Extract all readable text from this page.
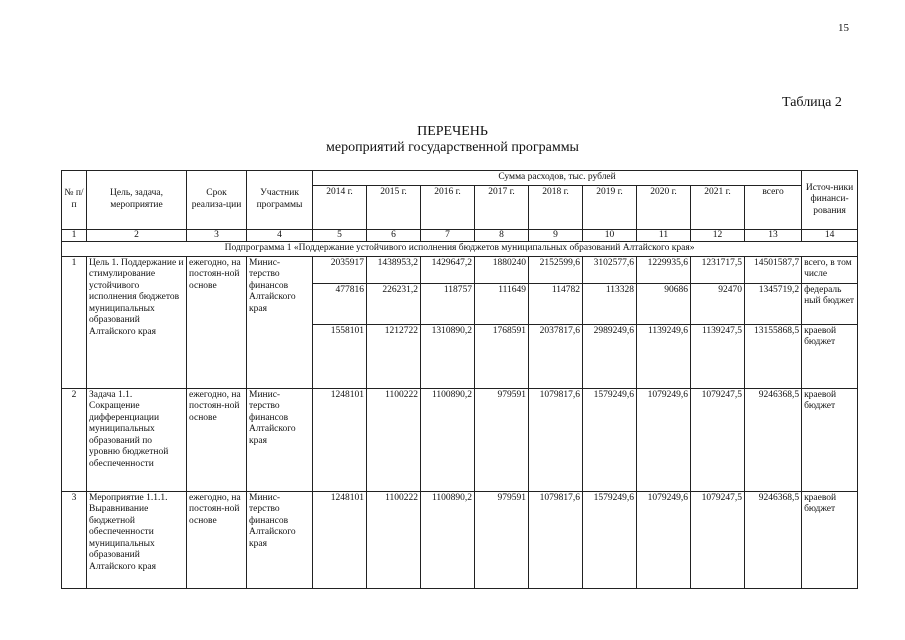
15
Таблица 2
ПЕРЕЧЕНЬ
мероприятий государственной программы
№ п/п	Цель, задача, мероприятие	Срок реализа-ции	Участник программы	Сумма расходов, тыс. рублей									Источ-ники финанси-рования
				2014 г.	2015 г.	2016 г.	2017 г.	2018 г.	2019 г.	2020 г.	2021 г.	всего	
1	2	3	4	5	6	7	8	9	10	11	12	13	14
Подпрограмма 1 «Поддержание устойчивого исполнения бюджетов муниципальных образований Алтайского края»													
1	Цель 1. Поддержание и стимулирование устойчивого исполнения бюджетов муниципальных образований Алтайского края	ежегодно, на постоян-ной основе	Минис-терство финансов Алтайского края	2035917	1438953,2	1429647,2	1880240	2152599,6	3102577,6	1229935,6	1231717,5	14501587,7	всего, в том числе
				477816	226231,2	118757	111649	114782	113328	90686	92470	1345719,2	федераль ный бюджет
				1558101	1212722	1310890,2	1768591	2037817,6	2989249,6	1139249,6	1139247,5	13155868,5	краевой бюджет
2	Задача 1.1. Сокращение дифференциации муниципальных образований по уровню бюджетной обеспеченности	ежегодно, на постоян-ной основе	Минис-терство финансов Алтайского края	1248101	1100222	1100890,2	979591	1079817,6	1579249,6	1079249,6	1079247,5	9246368,5	краевой бюджет
3	Мероприятие 1.1.1. Выравнивание бюджетной обеспеченности муниципальных образований Алтайского края	ежегодно, на постоян-ной основе	Минис-терство финансов Алтайского края	1248101	1100222	1100890,2	979591	1079817,6	1579249,6	1079249,6	1079247,5	9246368,5	краевой бюджет
